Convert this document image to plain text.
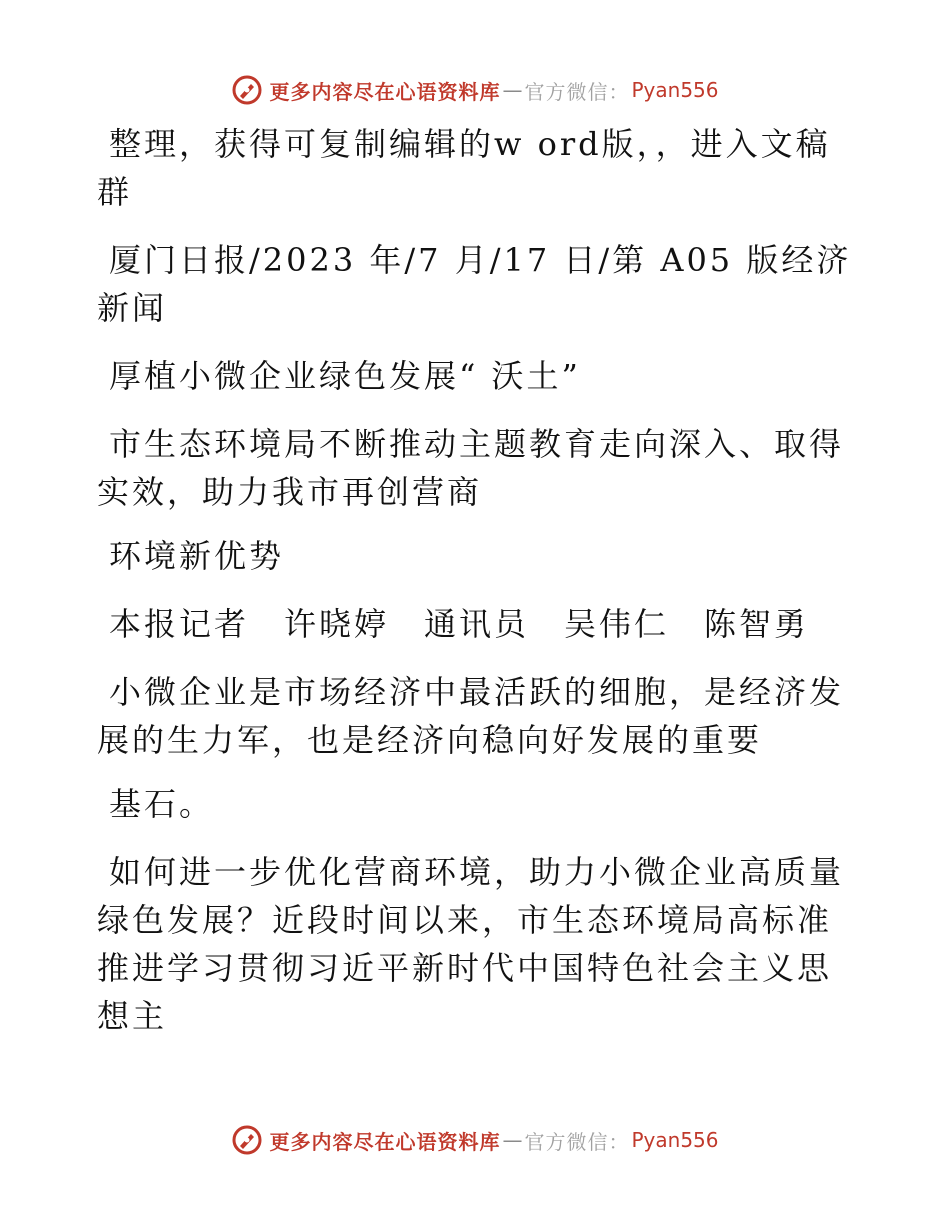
更多内容尽在心语资料库 — 官方微信： Pyan556

整理，获得可复制编辑的w ord版，，进入文稿群

厦门日报/2023 年/7 月/17 日/第 A05 版经济新闻

厚植小微企业绿色发展“ 沃土”

市生态环境局不断推动主题教育走向深入、取得实效，助力我市再创营商

环境新优势

本报记者　许晓婷　通讯员　吴伟仁　陈智勇

小微企业是市场经济中最活跃的细胞，是经济发展的生力军，也是经济向稳向好发展的重要

基石。

如何进一步优化营商环境，助力小微企业高质量绿色发展？近段时间以来，市生态环境局高标准推进学习贯彻习近平新时代中国特色社会主义思想主

更多内容尽在心语资料库 — 官方微信： Pyan556
